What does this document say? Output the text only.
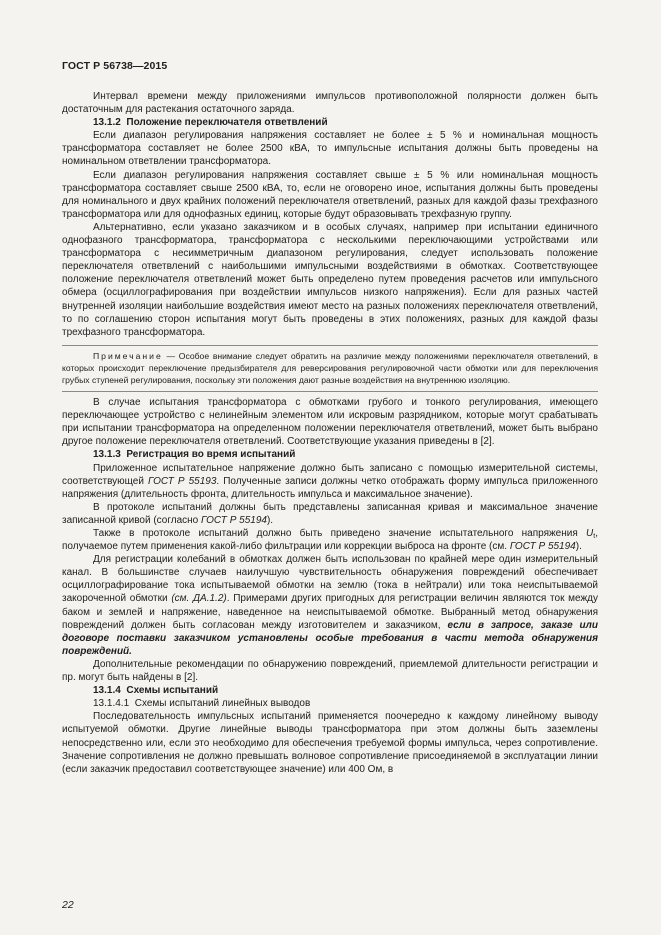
ГОСТ Р 56738—2015

Интервал времени между приложениями импульсов противоположной полярности должен быть достаточным для растекания остаточного заряда.

13.1.2 Положение переключателя ответвлений

Если диапазон регулирования напряжения составляет не более ± 5 % и номинальная мощность трансформатора составляет не более 2500 кВА, то импульсные испытания должны быть проведены на номинальном ответвлении трансформатора.

Если диапазон регулирования напряжения составляет свыше ± 5 % или номинальная мощность трансформатора составляет свыше 2500 кВА, то, если не оговорено иное, испытания должны быть проведены для номинального и двух крайних положений переключателя ответвлений, разных для каждой фазы трехфазного трансформатора или для однофазных единиц, которые будут образовывать трехфазную группу.

Альтернативно, если указано заказчиком и в особых случаях, например при испытании единичного однофазного трансформатора, трансформатора с несколькими переключающими устройствами или трансформатора с несимметричным диапазоном регулирования, следует использовать положение переключателя ответвлений с наибольшими импульсными воздействиями в обмотках. Соответствующее положение переключателя ответвлений может быть определено путем проведения расчетов или импульсного обмера (осциллографирования при воздействии импульсов низкого напряжения). Если для разных частей внутренней изоляции наибольшие воздействия имеют место на разных положениях переключателя ответвлений, то по соглашению сторон испытания могут быть проведены в этих положениях, разных для каждой фазы трехфазного трансформатора.

Примечание — Особое внимание следует обратить на различие между положениями переключателя ответвлений, в которых происходит переключение предызбирателя для реверсирования регулировочной части обмотки или для переключения грубых ступеней регулирования, поскольку эти положения дают разные воздействия на внутреннюю изоляцию.

В случае испытания трансформатора с обмотками грубого и тонкого регулирования, имеющего переключающее устройство с нелинейным элементом или искровым разрядником, которые могут срабатывать при испытании трансформатора на определенном положении переключателя ответвлений, может быть выбрано другое положение переключателя ответвлений. Соответствующие указания приведены в [2].

13.1.3 Регистрация во время испытаний

Приложенное испытательное напряжение должно быть записано с помощью измерительной системы, соответствующей ГОСТ Р 55193. Полученные записи должны четко отображать форму импульса приложенного напряжения (длительность фронта, длительность импульса и максимальное значение).

В протоколе испытаний должны быть представлены записанная кривая и максимальное значение записанной кривой (согласно ГОСТ Р 55194).

Также в протоколе испытаний должно быть приведено значение испытательного напряжения $U_t$, получаемое путем применения какой-либо фильтрации или коррекции выброса на фронте (см. ГОСТ Р 55194).

Для регистрации колебаний в обмотках должен быть использован по крайней мере один измерительный канал. В большинстве случаев наилучшую чувствительность обнаружения повреждений обеспечивает осциллографирование тока испытываемой обмотки на землю (тока в нейтрали) или тока неиспытываемой закороченной обмотки (см. ДА.1.2). Примерами других пригодных для регистрации величин являются ток между баком и землей и напряжение, наведенное на неиспытываемой обмотке. Выбранный метод обнаружения повреждений должен быть согласован между изготовителем и заказчиком, если в запросе, заказе или договоре поставки заказчиком установлены особые требования в части метода обнаружения повреждений.

Дополнительные рекомендации по обнаружению повреждений, приемлемой длительности регистрации и пр. могут быть найдены в [2].

13.1.4 Схемы испытаний
13.1.4.1 Схемы испытаний линейных выводов

Последовательность импульсных испытаний применяется поочередно к каждому линейному выводу испытуемой обмотки. Другие линейные выводы трансформатора при этом должны быть заземлены непосредственно или, если это необходимо для обеспечения требуемой формы импульса, через сопротивление. Значение сопротивления не должно превышать волновое сопротивление присоединяемой в эксплуатации линии (если заказчик предоставил соответствующее значение) или 400 Ом, в

22
